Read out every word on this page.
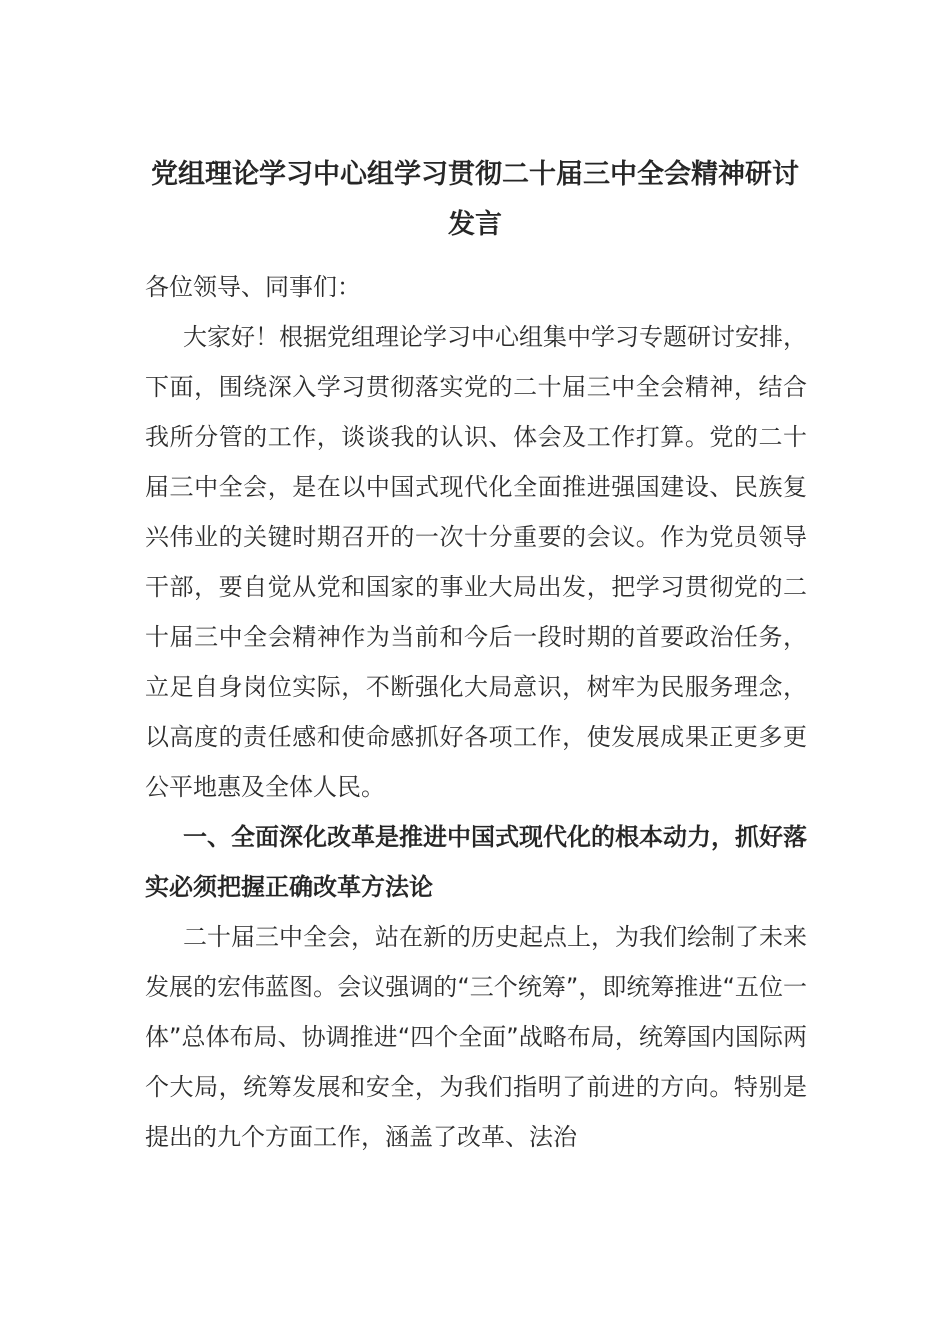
党组理论学习中心组学习贯彻二十届三中全会精神研讨发言

各位领导、同事们：

大家好！根据党组理论学习中心组集中学习专题研讨安排，下面，围绕深入学习贯彻落实党的二十届三中全会精神，结合我所分管的工作，谈谈我的认识、体会及工作打算。党的二十届三中全会，是在以中国式现代化全面推进强国建设、民族复兴伟业的关键时期召开的一次十分重要的会议。作为党员领导干部，要自觉从党和国家的事业大局出发，把学习贯彻党的二十届三中全会精神作为当前和今后一段时期的首要政治任务，立足自身岗位实际，不断强化大局意识，树牢为民服务理念，以高度的责任感和使命感抓好各项工作，使发展成果正更多更公平地惠及全体人民。

一、全面深化改革是推进中国式现代化的根本动力，抓好落实必须把握正确改革方法论

二十届三中全会，站在新的历史起点上，为我们绘制了未来发展的宏伟蓝图。会议强调的“三个统筹”，即统筹推进“五位一体”总体布局、协调推进“四个全面”战略布局，统筹国内国际两个大局，统筹发展和安全，为我们指明了前进的方向。特别是提出的九个方面工作，涵盖了改革、法治
